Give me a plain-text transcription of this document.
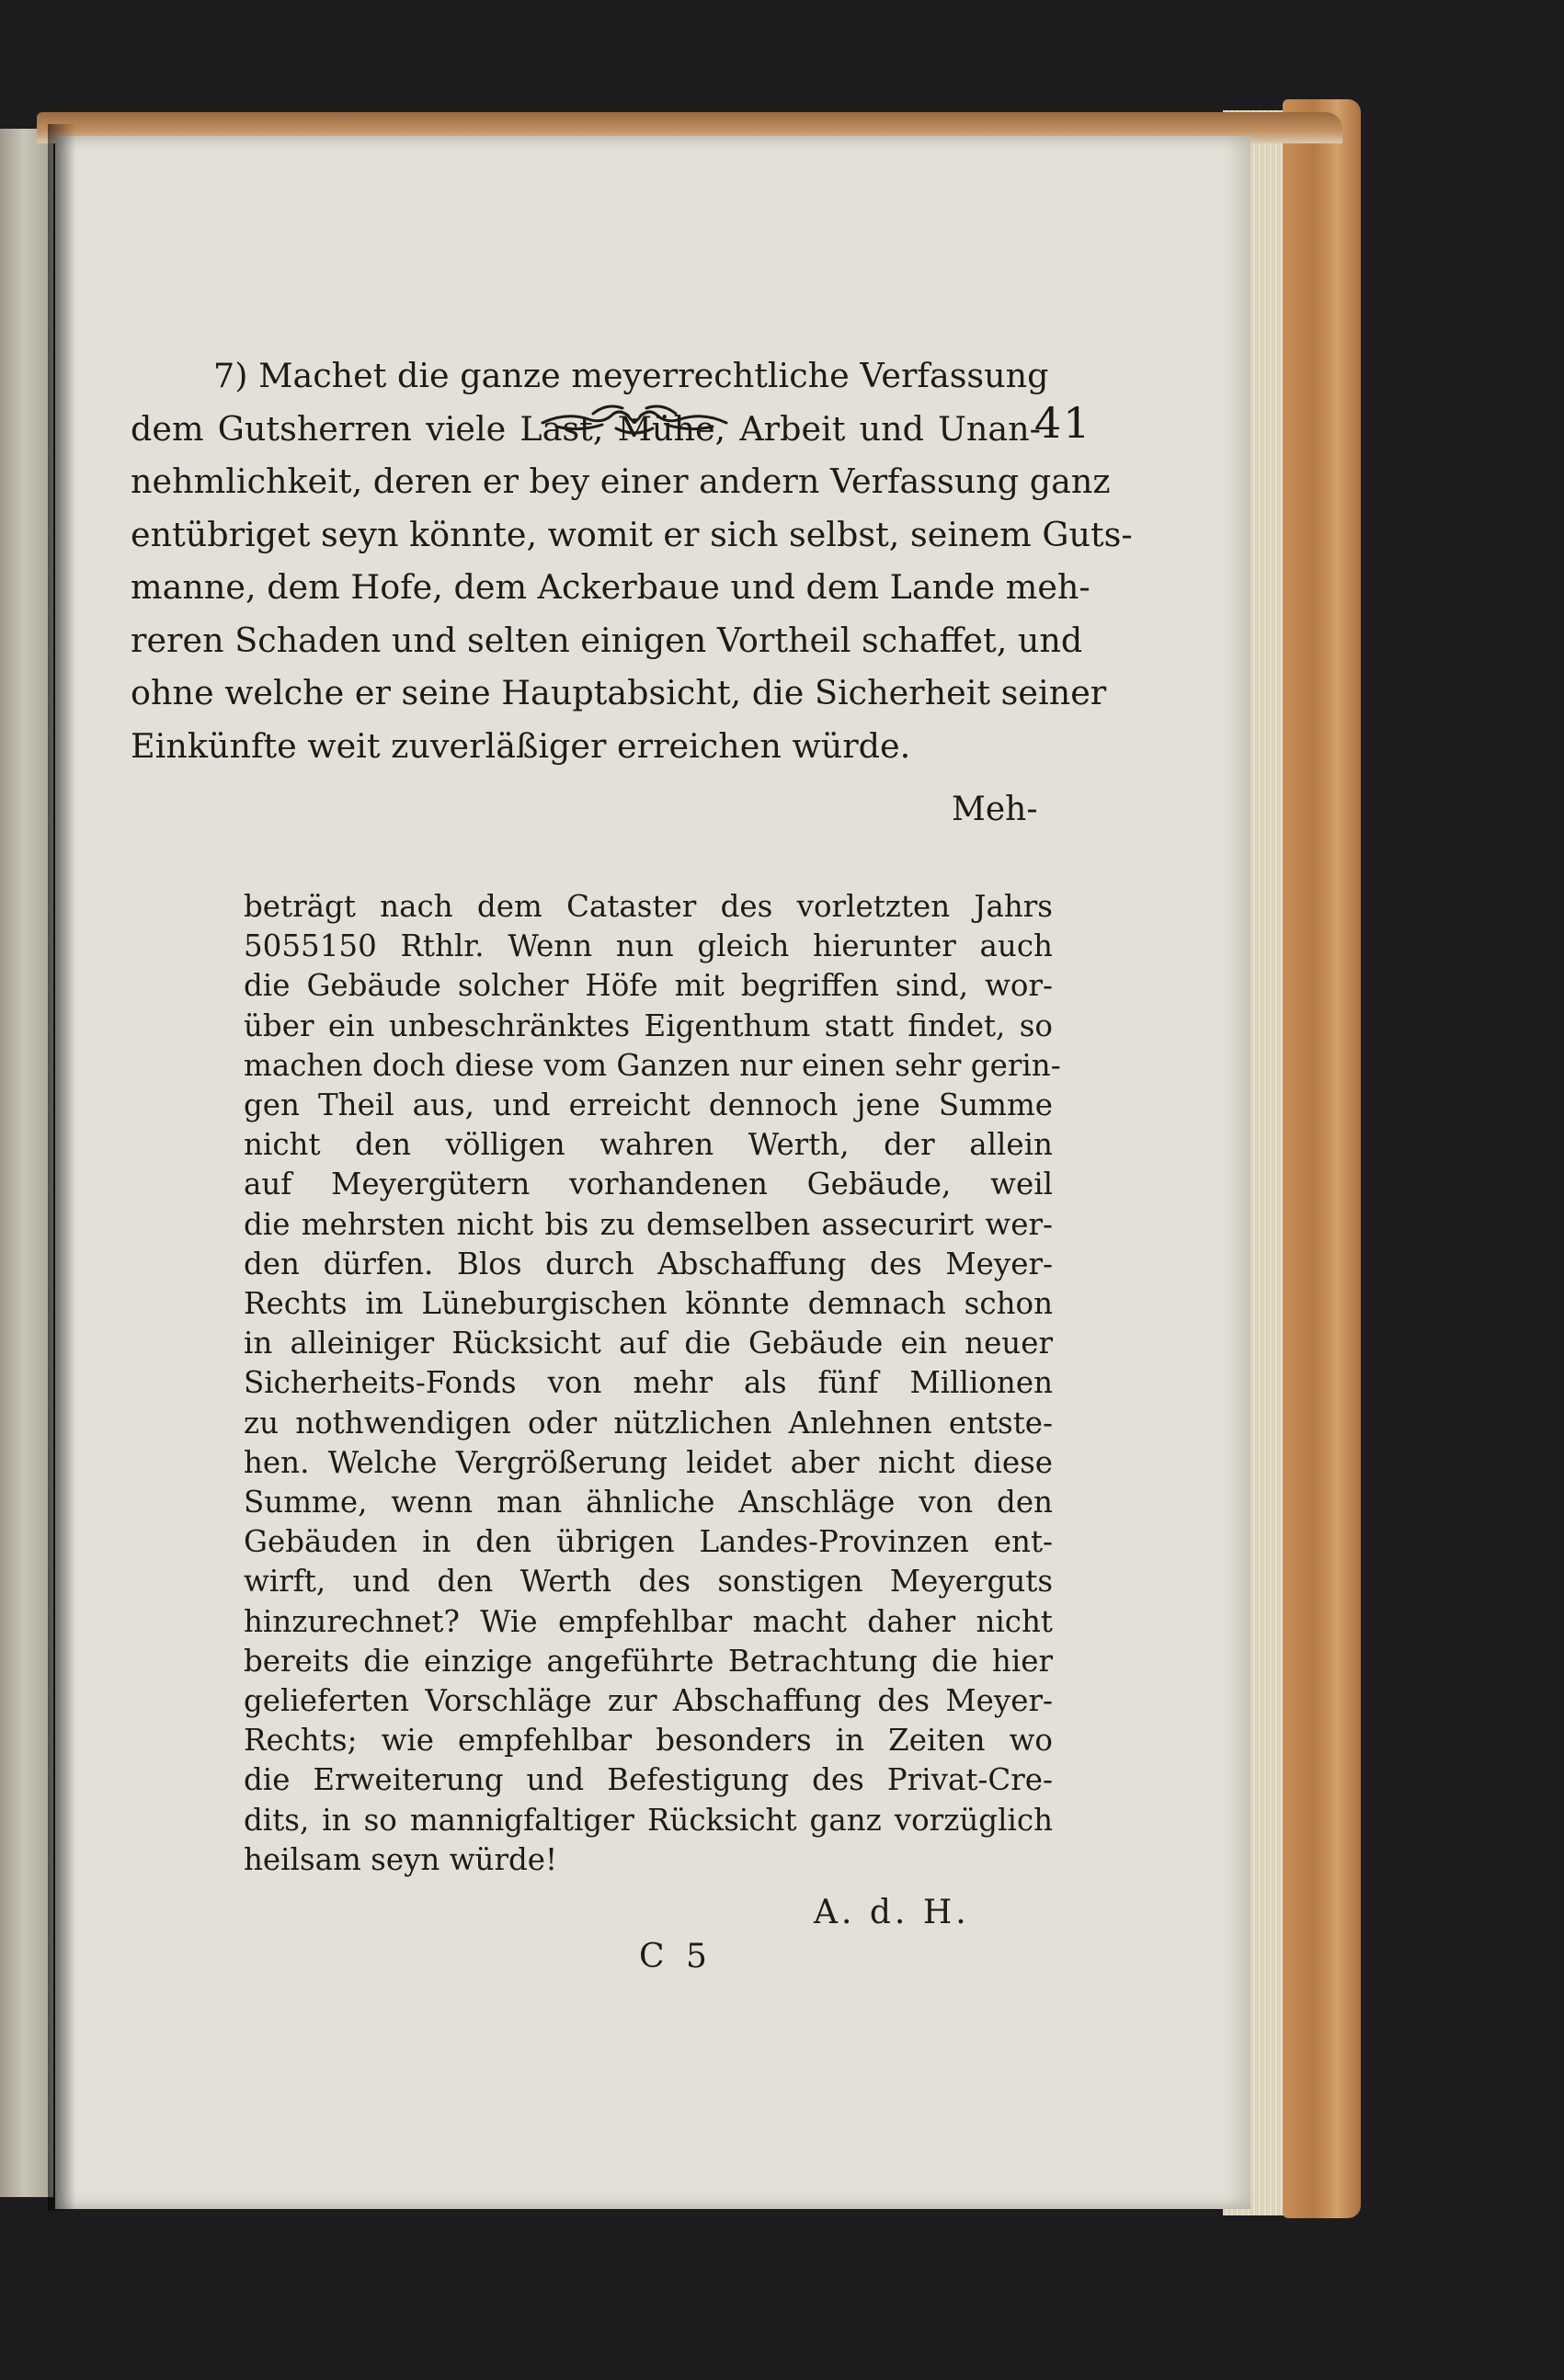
41
7) Machet die ganze meyerrechtliche Verfassung
dem Gutsherren viele Last, Mühe, Arbeit und Unan-
nehmlichkeit, deren er bey einer andern Verfassung ganz
entübriget seyn könnte, womit er sich selbst, seinem Guts-
manne, dem Hofe, dem Ackerbaue und dem Lande meh-
reren Schaden und selten einigen Vortheil schaffet, und
ohne welche er seine Hauptabsicht, die Sicherheit seiner
Einkünfte weit zuverläßiger erreichen würde.
Meh-
beträgt nach dem Cataster des vorletzten Jahrs
5055150 Rthlr. Wenn nun gleich hierunter auch
die Gebäude solcher Höfe mit begriffen sind, wor-
über ein unbeschränktes Eigenthum statt findet, so
machen doch diese vom Ganzen nur einen sehr gerin-
gen Theil aus, und erreicht dennoch jene Summe
nicht den völligen wahren Werth, der allein
auf Meyergütern vorhandenen Gebäude, weil
die mehrsten nicht bis zu demselben assecurirt wer-
den dürfen. Blos durch Abschaffung des Meyer-
Rechts im Lüneburgischen könnte demnach schon
in alleiniger Rücksicht auf die Gebäude ein neuer
Sicherheits-Fonds von mehr als fünf Millionen
zu nothwendigen oder nützlichen Anlehnen entste-
hen. Welche Vergrößerung leidet aber nicht diese
Summe, wenn man ähnliche Anschläge von den
Gebäuden in den übrigen Landes-Provinzen ent-
wirft, und den Werth des sonstigen Meyerguts
hinzurechnet? Wie empfehlbar macht daher nicht
bereits die einzige angeführte Betrachtung die hier
gelieferten Vorschläge zur Abschaffung des Meyer-
Rechts; wie empfehlbar besonders in Zeiten wo
die Erweiterung und Befestigung des Privat-Cre-
dits, in so mannigfaltiger Rücksicht ganz vorzüglich
heilsam seyn würde!
A. d. H.
C 5
